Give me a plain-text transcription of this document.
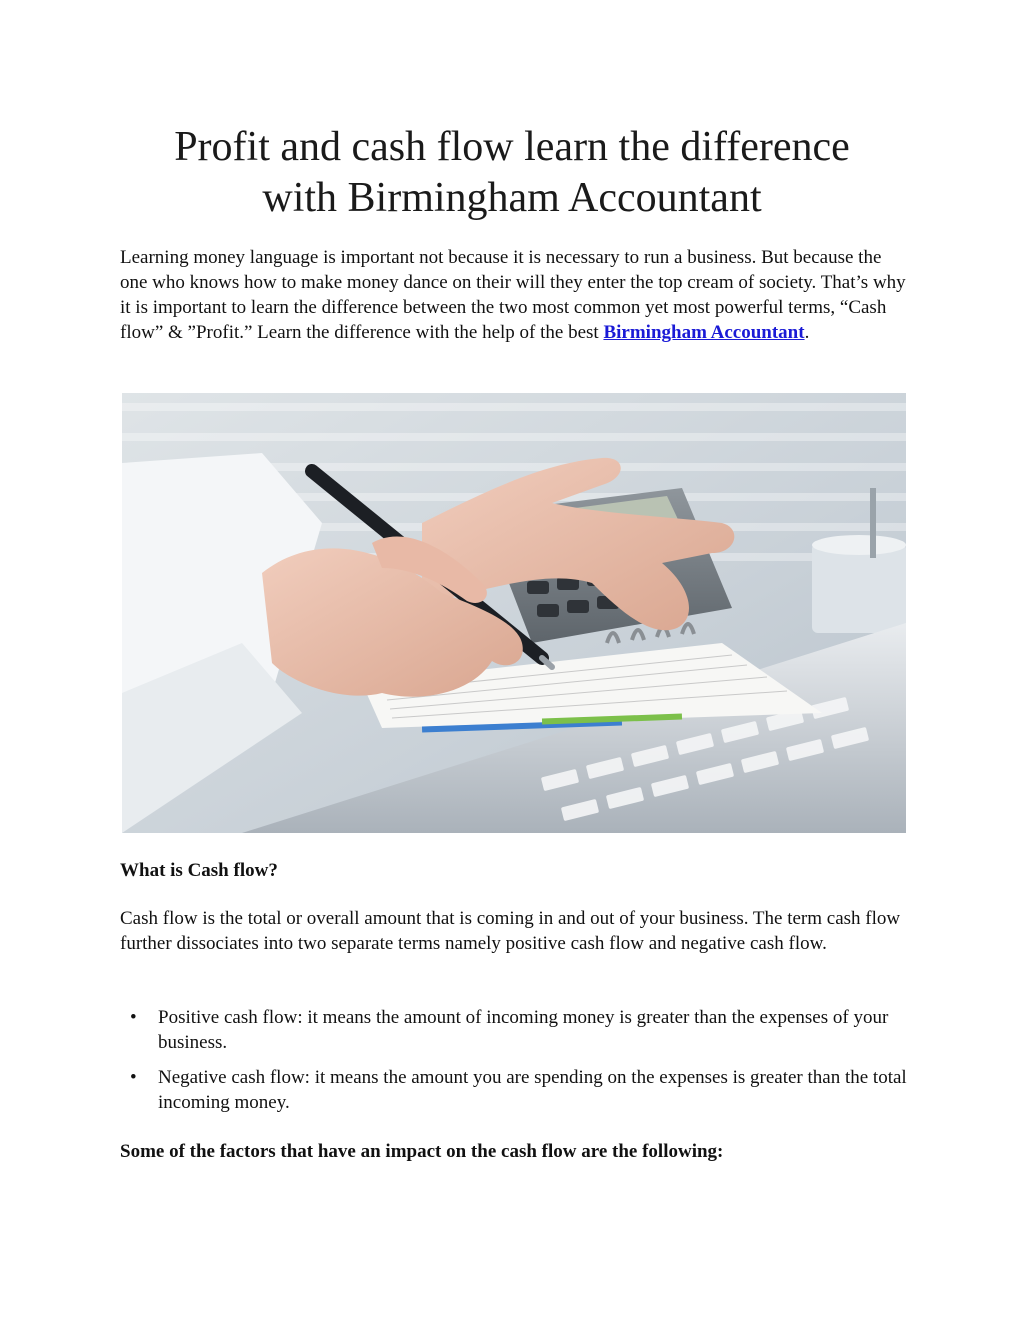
Profit and cash flow learn the difference
with Birmingham Accountant

Learning money language is important not because it is necessary to run a business. But because the one who knows how to make money dance on their will they enter the top cream of society. That’s why it is important to learn the difference between the two most common yet most powerful terms, “Cash flow” & ”Profit.” Learn the difference with the help of the best Birmingham Accountant.

What is Cash flow?

Cash flow is the total or overall amount that is coming in and out of your business. The term cash flow further dissociates into two separate terms namely positive cash flow and negative cash flow.

• Positive cash flow: it means the amount of incoming money is greater than the expenses of your business.
• Negative cash flow: it means the amount you are spending on the expenses is greater than the total incoming money.
Some of the factors that have an impact on the cash flow are the following:
